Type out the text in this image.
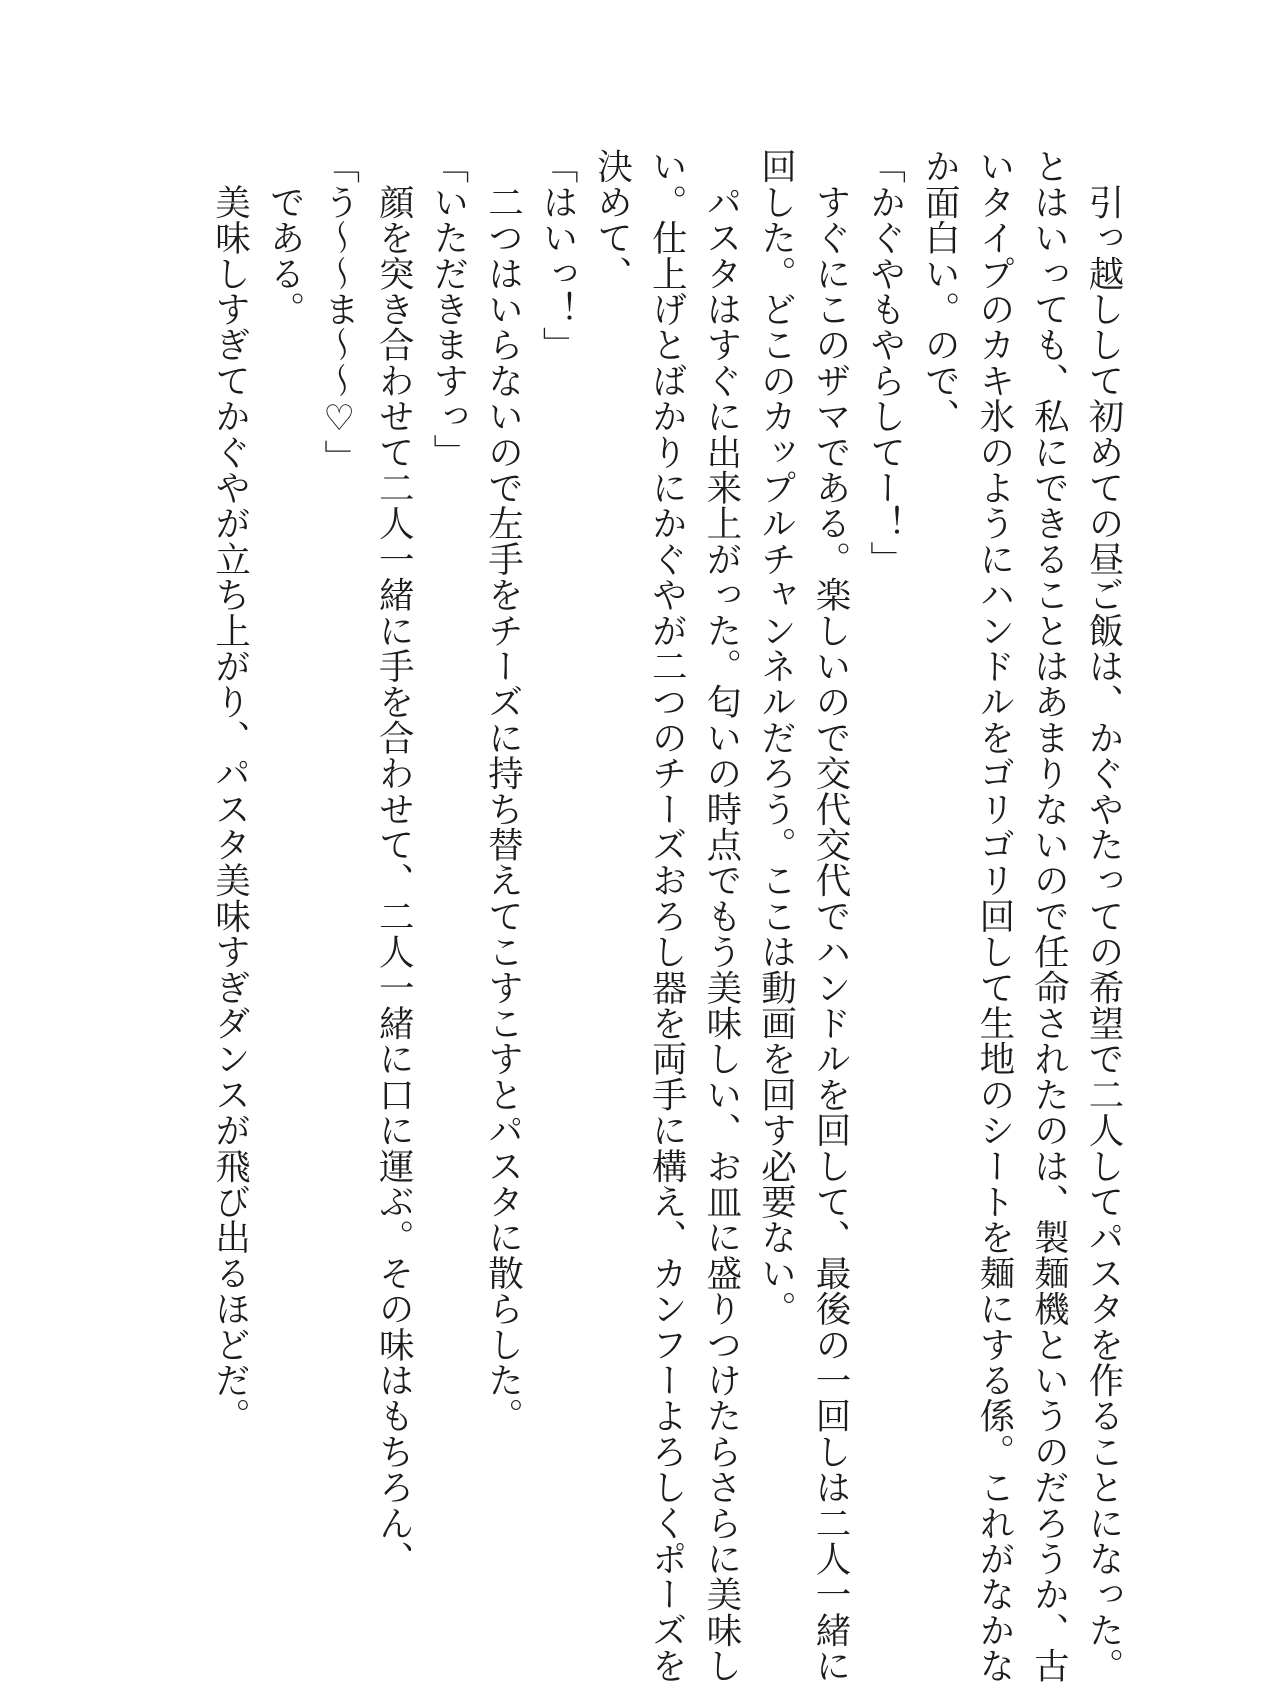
　引っ越しして初めての昼ご飯は、かぐやたっての希望で二人してパスタを作ることになった。
とはいっても、私にできることはあまりないので任命されたのは、製麺機というのだろうか、古
いタイプのカキ氷のようにハンドルをゴリゴリ回して生地のシートを麺にする係。これがなかな
か面白い。ので、
「かぐやもやらしてー！」
　すぐにこのザマである。楽しいので交代交代でハンドルを回して、最後の一回しは二人一緒に
回した。どこのカップルチャンネルだろう。ここは動画を回す必要ない。
　パスタはすぐに出来上がった。匂いの時点でもう美味しい、お皿に盛りつけたらさらに美味し
い。仕上げとばかりにかぐやが二つのチーズおろし器を両手に構え、カンフーよろしくポーズを
決めて、
「はいっ！」
　二つはいらないので左手をチーズに持ち替えてこすこすとパスタに散らした。
「いただきますっ」
　顔を突き合わせて二人一緒に手を合わせて、二人一緒に口に運ぶ。その味はもちろん、
「う～～ま～～♡」
　である。
　美味しすぎてかぐやが立ち上がり、パスタ美味すぎダンスが飛び出るほどだ。
